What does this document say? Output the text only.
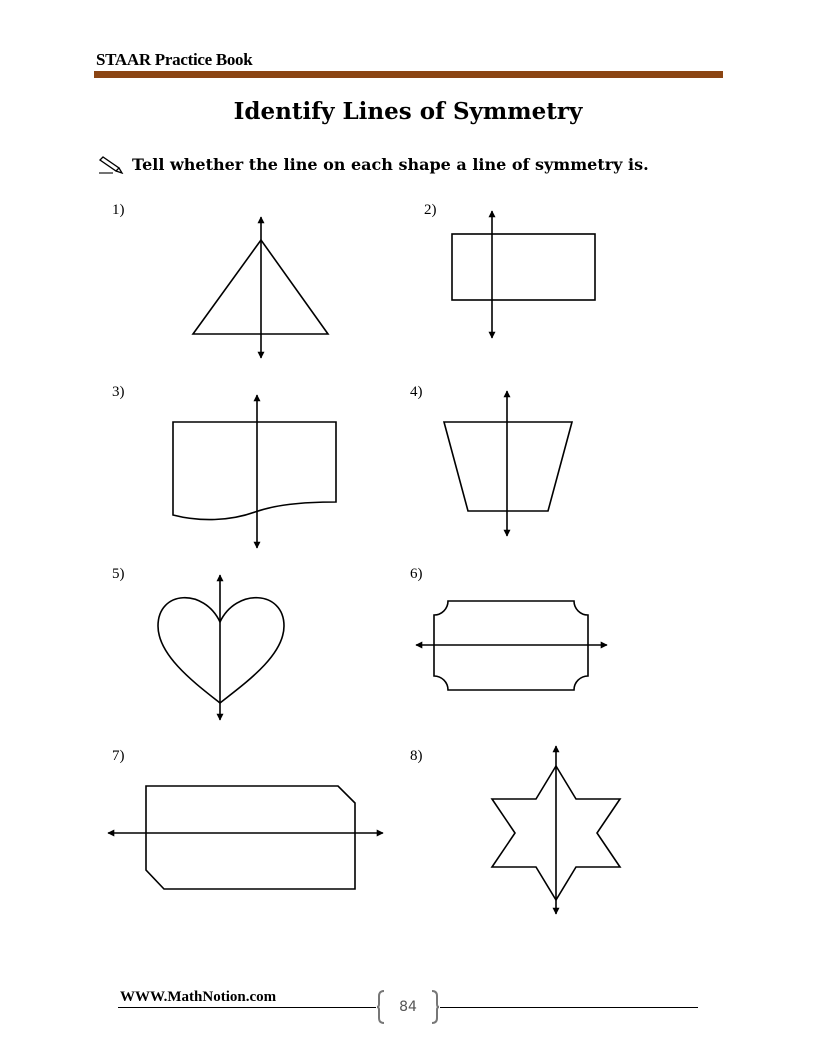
STAAR Practice Book
Identify Lines of Symmetry
Tell whether the line on each shape a line of symmetry is.
1)	2)
3)	4)
5)	6)
7)	8)
WWW.MathNotion.com
84
